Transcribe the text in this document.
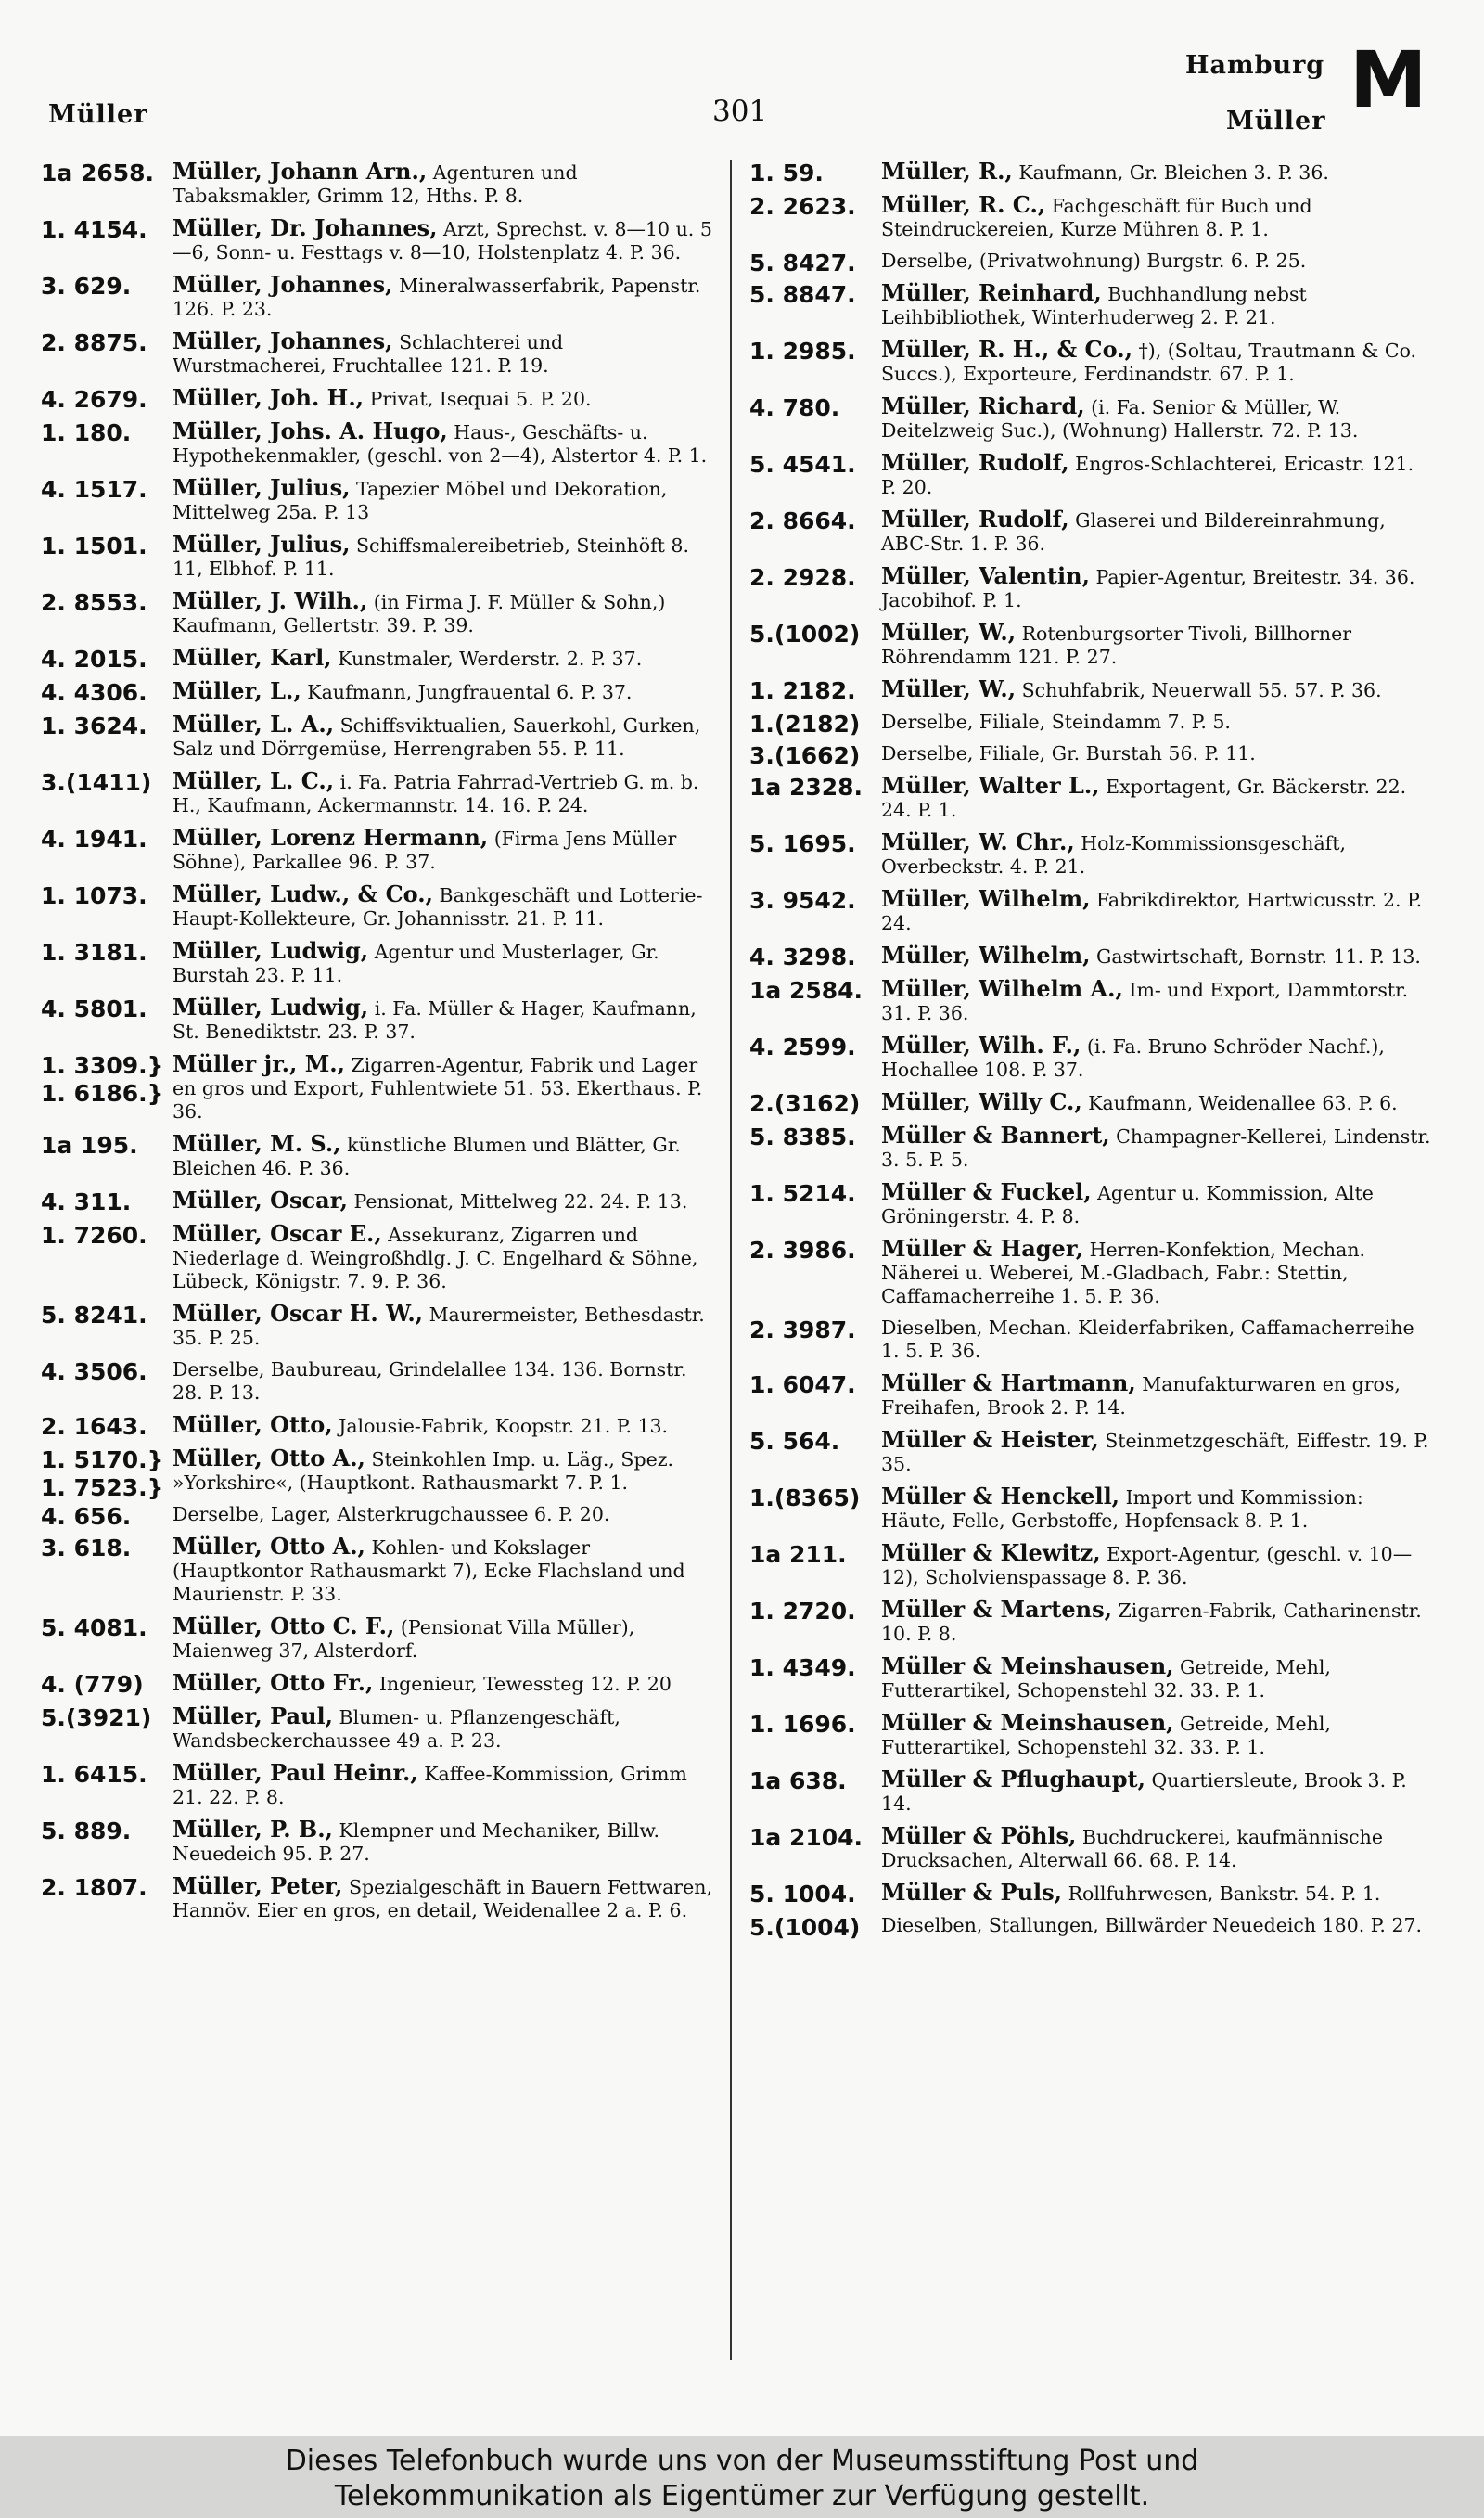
Müller	301
Hamburg
Müller M
1a 2658. Müller, Johann Arn., Agenturen und Tabaksmakler, Grimm 12, Hths. P. 8.
1. 4154.	Müller, Dr. Johannes, Arzt, Sprechst. v. 8—10 u. 5—6, Sonn- u. Festtags v. 8—10, Holstenplatz 4. P. 36.
3. 629.	Müller, Johannes, Mineralwasserfabrik, Papenstr. 126. P. 23.
2. 8875.	Müller, Johannes, Schlachterei und Wurstmacherei, Fruchtallee 121. P. 19.
4. 2679.	Müller, Joh. H., Privat, Isequai 5. P. 20.
1. 180.	Müller, Johs. A. Hugo, Haus-, Geschäfts- u. Hypothekenmakler, (geschl. von 2—4), Alstertor 4. P. 1.
4. 1517.	Müller, Julius, Tapezier Möbel und Dekoration, Mittelweg 25a. P. 13
1. 1501.	Müller, Julius, Schiffsmalereibetrieb, Steinhöft 8. 11, Elbhof. P. 11.
2. 8553.	Müller, J. Wilh., (in Firma J. F. Müller & Sohn,) Kaufmann, Gellertstr. 39. P. 39.
4. 2015.	Müller, Karl, Kunstmaler, Werderstr. 2. P. 37.
4. 4306.	Müller, L., Kaufmann, Jungfrauental 6. P. 37.
1. 3624.	Müller, L. A., Schiffsviktualien, Sauerkohl, Gurken, Salz und Dörrgemüse, Herrengraben 55. P. 11.
3.(1411) Müller, L. C., i. Fa. Patria Fahrrad-Vertrieb G. m. b. H., Kaufmann, Ackermannstr. 14. 16. P. 24.
4. 1941.	Müller, Lorenz Hermann, (Firma Jens Müller Söhne), Parkallee 96. P. 37.
1. 1073.	Müller, Ludw., & Co., Bankgeschäft und Lotterie-Haupt-Kollekteure, Gr. Johannisstr. 21. P. 11.
1. 3181.	Müller, Ludwig, Agentur und Musterlager, Gr. Burstah 23. P. 11.
4. 5801.	Müller, Ludwig, i. Fa. Müller & Hager, Kaufmann, St. Benediktstr. 23. P. 37.
1. 3309.}
1. 6186.}
Müller jr., M., Zigarren-Agentur, Fabrik und Lager en gros und Export, Fuhlentwiete 51. 53. Ekerthaus. P. 36.
1a 195.	Müller, M. S., künstliche Blumen und Blätter, Gr. Bleichen 46. P. 36.
4. 311.	Müller, Oscar, Pensionat, Mittelweg 22. 24. P. 13.
1. 7260.	Müller, Oscar E., Assekuranz, Zigarren und Niederlage d. Weingroßhdlg. J. C. Engelhard & Söhne, Lübeck, Königstr. 7. 9. P. 36.
5. 8241.	Müller, Oscar H. W., Maurermeister, Bethesdastr. 35. P. 25.
4. 3506.	Derselbe, Baubureau, Grindelallee 134. 136. Bornstr. 28. P. 13.
2. 1643.	Müller, Otto, Jalousie-Fabrik, Koopstr. 21. P. 13.
1. 5170.}
1. 7523.}
Müller, Otto A., Steinkohlen Imp. u. Läg., Spez. »Yorkshire«, (Hauptkont. Rathausmarkt 7. P. 1.
4. 656.	Derselbe, Lager, Alsterkrugchaussee 6. P. 20.
3. 618.	Müller, Otto A., Kohlen- und Kokslager (Hauptkontor Rathausmarkt 7), Ecke Flachsland und Maurienstr. P. 33.
5. 4081.	Müller, Otto C. F., (Pensionat Villa Müller), Maienweg 37, Alsterdorf.
4. (779)	Müller, Otto Fr., Ingenieur, Tewessteg 12. P. 20
5.(3921) Müller, Paul, Blumen- u. Pflanzengeschäft, Wandsbeckerchaussee 49 a. P. 23.
1. 6415.	Müller, Paul Heinr., Kaffee-Kommission, Grimm 21. 22. P. 8.
5. 889.	Müller, P. B., Klempner und Mechaniker, Billw. Neuedeich 95. P. 27.
2. 1807.	Müller, Peter, Spezialgeschäft in Bauern Fettwaren, Hannöv. Eier en gros, en detail, Weidenallee 2 a. P. 6.
1. 59.	Müller, R., Kaufmann, Gr. Bleichen 3. P. 36.
2. 2623.	Müller, R. C., Fachgeschäft für Buch und Steindruckereien, Kurze Mühren 8. P. 1.
5. 8427.	Derselbe, (Privatwohnung) Burgstr. 6. P. 25.
5. 8847.	Müller, Reinhard, Buchhandlung nebst Leihbibliothek, Winterhuderweg 2. P. 21.
1. 2985.	Müller, R. H., & Co., †), (Soltau, Trautmann & Co. Succs.), Exporteure, Ferdinandstr. 67. P. 1.
4. 780.	Müller, Richard, (i. Fa. Senior & Müller, W. Deitelzweig Suc.), (Wohnung) Hallerstr. 72. P. 13.
5. 4541.	Müller, Rudolf, Engros-Schlachterei, Ericastr. 121. P. 20.
2. 8664.	Müller, Rudolf, Glaserei und Bildereinrahmung, ABC-Str. 1. P. 36.
2. 2928.	Müller, Valentin, Papier-Agentur, Breitestr. 34. 36. Jacobihof. P. 1.
5.(1002) Müller, W., Rotenburgsorter Tivoli, Billhorner Röhrendamm 121. P. 27.
1. 2182.	Müller, W., Schuhfabrik, Neuerwall 55. 57. P. 36.
1.(2182)	Derselbe, Filiale, Steindamm 7. P. 5.
3.(1662)	Derselbe, Filiale, Gr. Burstah 56. P. 11.
1a 2328. Müller, Walter L., Exportagent, Gr. Bäckerstr. 22. 24. P. 1.
5. 1695.	Müller, W. Chr., Holz-Kommissionsgeschäft, Overbeckstr. 4. P. 21.
3. 9542.	Müller, Wilhelm, Fabrikdirektor, Hartwicusstr. 2. P. 24.
4. 3298.	Müller, Wilhelm, Gastwirtschaft, Bornstr. 11. P. 13.
1a 2584. Müller, Wilhelm A., Im- und Export, Dammtorstr. 31. P. 36.
4. 2599.	Müller, Wilh. F., (i. Fa. Bruno Schröder Nachf.), Hochallee 108. P. 37.
2.(3162) Müller, Willy C., Kaufmann, Weidenallee 63. P. 6.
5. 8385.	Müller & Bannert, Champagner-Kellerei, Lindenstr. 3. 5. P. 5.
1. 5214.	Müller & Fuckel, Agentur u. Kommission, Alte Gröningerstr. 4. P. 8.
2. 3986.	Müller & Hager, Herren-Konfektion, Mechan. Näherei u. Weberei, M.-Gladbach, Fabr.: Stettin, Caffamacherreihe 1. 5. P. 36.
2. 3987.	Dieselben, Mechan. Kleiderfabriken, Caffamacherreihe 1. 5. P. 36.
1. 6047.	Müller & Hartmann, Manufakturwaren en gros, Freihafen, Brook 2. P. 14.
5. 564.	Müller & Heister, Steinmetzgeschäft, Eiffestr. 19. P. 35.
1.(8365) Müller & Henckell, Import und Kommission: Häute, Felle, Gerbstoffe, Hopfensack 8. P. 1.
1a 211.	Müller & Klewitz, Export-Agentur, (geschl. v. 10—12), Scholvienspassage 8. P. 36.
1. 2720.	Müller & Martens, Zigarren-Fabrik, Catharinenstr. 10. P. 8.
1. 4349.	Müller & Meinshausen, Getreide, Mehl, Futterartikel, Schopenstehl 32. 33. P. 1.
1. 1696.	Müller & Meinshausen, Getreide, Mehl, Futterartikel, Schopenstehl 32. 33. P. 1.
1a 638.	Müller & Pflughaupt, Quartiersleute, Brook 3. P. 14.
1a 2104. Müller & Pöhls, Buchdruckerei, kaufmännische Drucksachen, Alterwall 66. 68. P. 14.
5. 1004.	Müller & Puls, Rollfuhrwesen, Bankstr. 54. P. 1.
5.(1004)	Dieselben, Stallungen, Billwärder Neuedeich 180. P. 27.
Dieses Telefonbuch wurde uns von der Museumsstiftung Post und
Telekommunikation als Eigentümer zur Verfügung gestellt.
